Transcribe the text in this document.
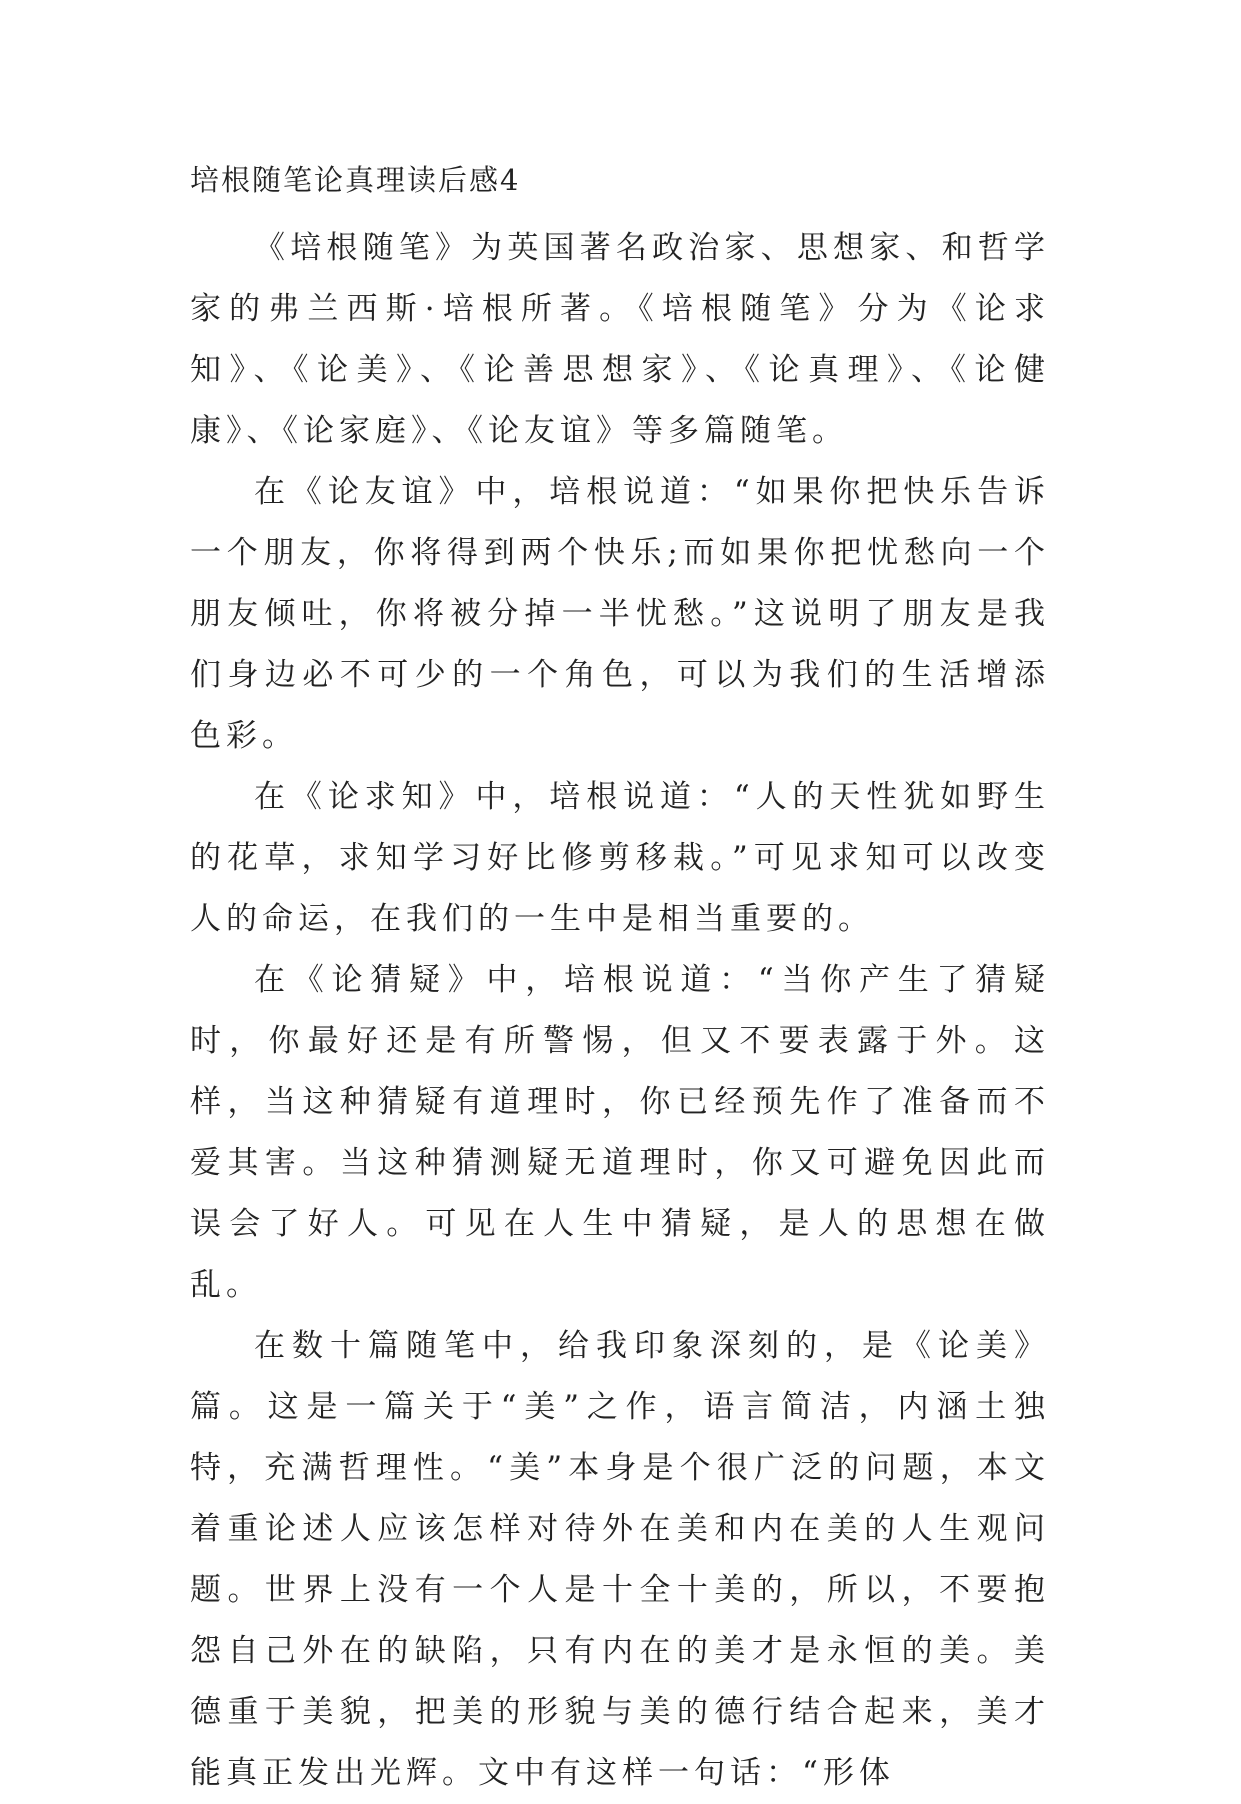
培根随笔论真理读后感4

《培根随笔》为英国著名政治家、思想家、和哲学家的弗兰西斯·培根所著。《培根随笔》分为《论求知》、《论美》、《论善思想家》、《论真理》、《论健康》、《论家庭》、《论友谊》等多篇随笔。

在《论友谊》中，培根说道：“如果你把快乐告诉一个朋友，你将得到两个快乐;而如果你把忧愁向一个朋友倾吐，你将被分掉一半忧愁。”这说明了朋友是我们身边必不可少的一个角色，可以为我们的生活增添色彩。

在《论求知》中，培根说道：“人的天性犹如野生的花草，求知学习好比修剪移栽。”可见求知可以改变人的命运，在我们的一生中是相当重要的。

在《论猜疑》中，培根说道：“当你产生了猜疑时，你最好还是有所警惕，但又不要表露于外。这样，当这种猜疑有道理时，你已经预先作了准备而不爱其害。当这种猜测疑无道理时，你又可避免因此而误会了好人。可见在人生中猜疑，是人的思想在做乱。

在数十篇随笔中，给我印象深刻的，是《论美》篇。这是一篇关于“美”之作，语言简洁，内涵土独特，充满哲理性。“美”本身是个很广泛的问题，本文着重论述人应该怎样对待外在美和内在美的人生观问题。世界上没有一个人是十全十美的，所以，不要抱怨自己外在的缺陷，只有内在的美才是永恒的美。美德重于美貌，把美的形貌与美的德行结合起来，美才能真正发出光辉。文中有这样一句话：“形体
